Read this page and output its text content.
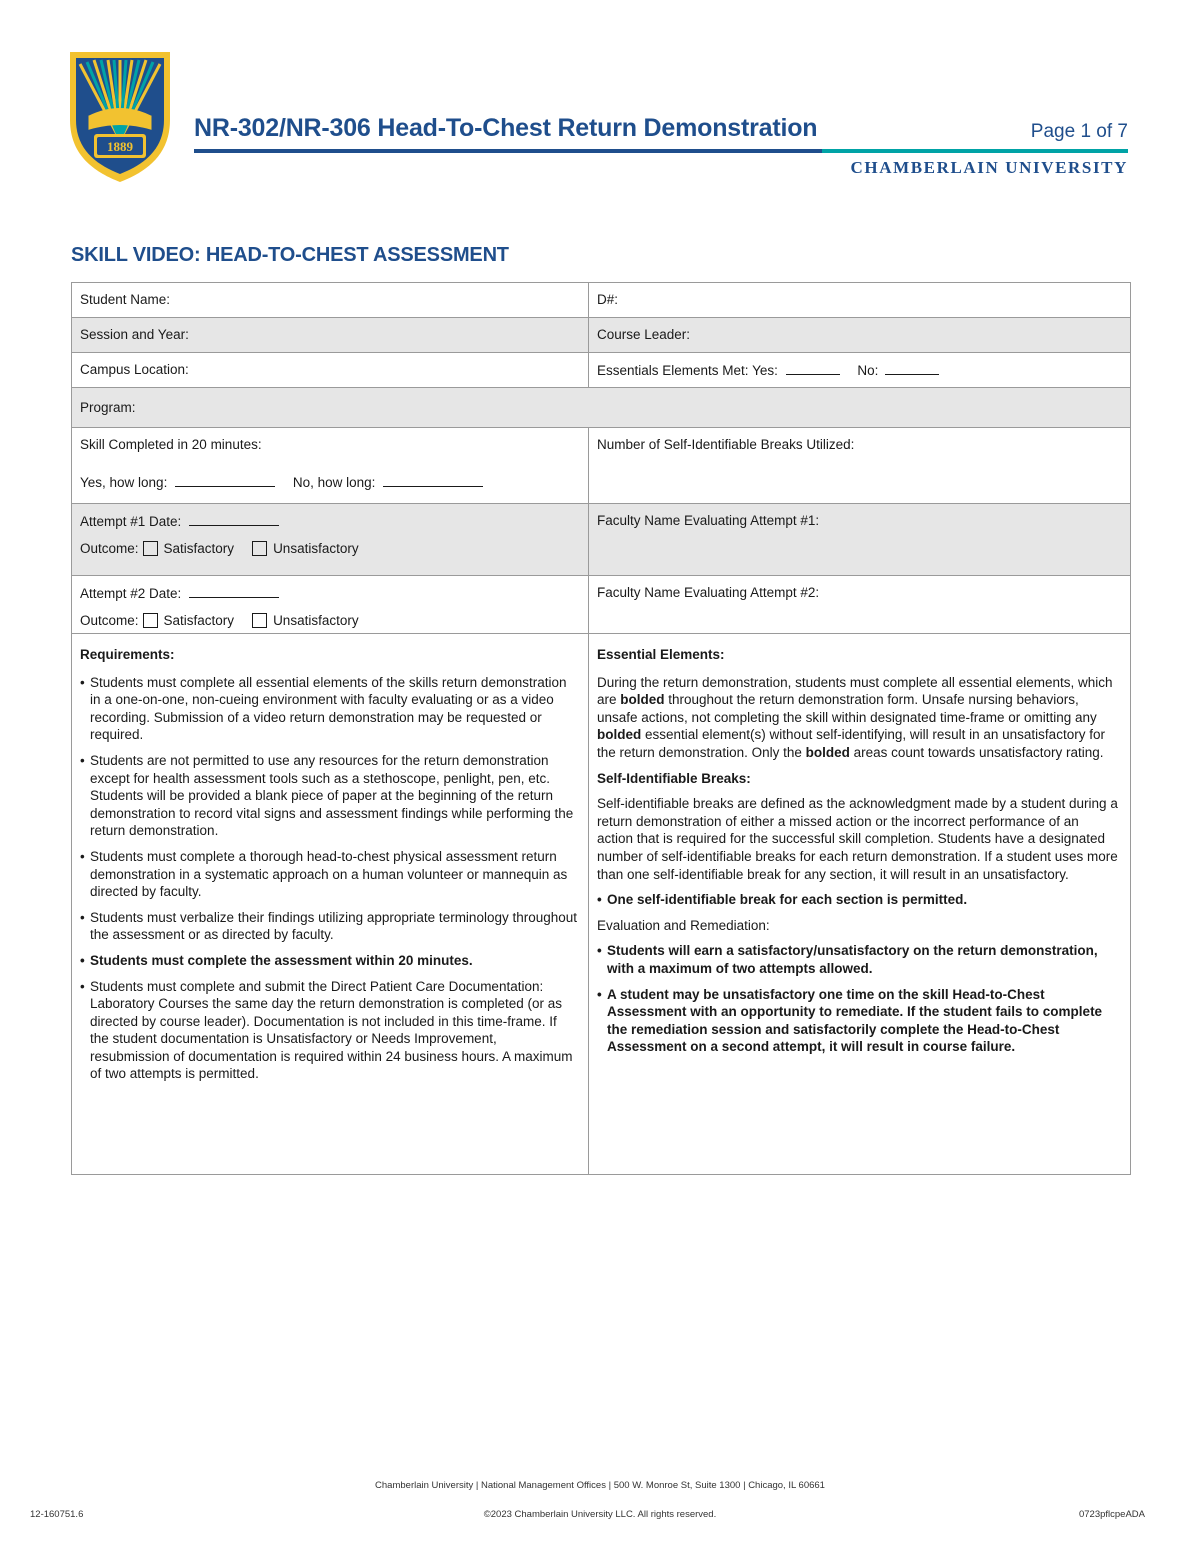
1889
NR-302/NR-306 Head-To-Chest Return Demonstration	Page 1 of 7
CHAMBERLAIN UNIVERSITY
SKILL VIDEO: HEAD-TO-CHEST ASSESSMENT
Student Name:	D#:
Session and Year:	Course Leader:
Campus Location:	Essentials Elements Met: Yes:	No:
Program:
Skill Completed in 20 minutes:
Yes, how long:	No, how long:
Number of Self-Identifiable Breaks Utilized:
Attempt #1 Date:
Outcome: Satisfactory	Unsatisfactory
Faculty Name Evaluating Attempt #1:
Attempt #2 Date:
Outcome: Satisfactory	Unsatisfactory
Faculty Name Evaluating Attempt #2:
Requirements:
• Students must complete all essential elements of the skills return demonstration in a one-on-one, non-cueing environment with faculty evaluating or as a video recording. Submission of a video return demonstration may be requested or required.
• Students are not permitted to use any resources for the return demonstration except for health assessment tools such as a stethoscope, penlight, pen, etc. Students will be provided a blank piece of paper at the beginning of the return demonstration to record vital signs and assessment findings while performing the return demonstration.
• Students must complete a thorough head-to-chest physical assessment return demonstration in a systematic approach on a human volunteer or mannequin as directed by faculty.
• Students must verbalize their findings utilizing appropriate terminology throughout the assessment or as directed by faculty.
• Students must complete the assessment within 20 minutes.
• Students must complete and submit the Direct Patient Care Documentation: Laboratory Courses the same day the return demonstration is completed (or as directed by course leader). Documentation is not included in this time-frame. If the student documentation is Unsatisfactory or Needs Improvement, resubmission of documentation is required within 24 business hours. A maximum of two attempts is permitted.
Essential Elements:

During the return demonstration, students must complete all essential elements, which are bolded throughout the return demonstration form. Unsafe nursing behaviors, unsafe actions, not completing the skill within designated time-frame or omitting any bolded essential element(s) without self-identifying, will result in an unsatisfactory for the return demonstration. Only the bolded areas count towards unsatisfactory rating.

Self-Identifiable Breaks:

Self-identifiable breaks are defined as the acknowledgment made by a student during a return demonstration of either a missed action or the incorrect performance of an action that is required for the successful skill completion. Students have a designated number of self-identifiable breaks for each return demonstration. If a student uses more than one self-identifiable break for any section, it will result in an unsatisfactory.

• One self-identifiable break for each section is permitted.
Evaluation and Remediation:
• Students will earn a satisfactory/unsatisfactory on the return demonstration, with a maximum of two attempts allowed.
• A student may be unsatisfactory one time on the skill Head-to-Chest Assessment with an opportunity to remediate. If the student fails to complete the remediation session and satisfactorily complete the Head-to-Chest Assessment on a second attempt, it will result in course failure.
Chamberlain University | National Management Offices | 500 W. Monroe St, Suite 1300 | Chicago, IL 60661
12-160751.6	©2023 Chamberlain University LLC. All rights reserved.	0723pflcpeADA
